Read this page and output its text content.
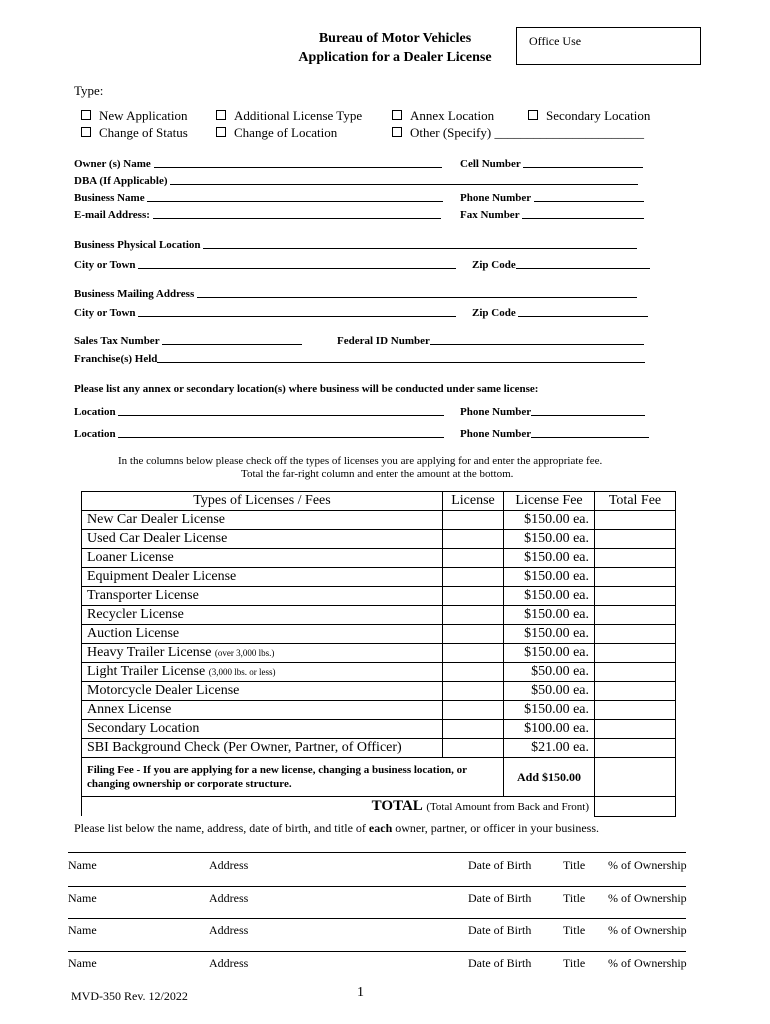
Bureau of Motor Vehicles
Application for a Dealer License
Office Use
Type:
New Application	Additional License Type	Annex Location	Secondary Location
Change of Status	Change of Location	Other (Specify) _______________________
Owner (s) Name	Cell Number
DBA (If Applicable)
Business Name	Phone Number
E-mail Address:	Fax Number
Business Physical Location
City or Town	Zip Code
Business Mailing Address
City or Town	Zip Code
Sales Tax Number	Federal ID Number
Franchise(s) Held
Please list any annex or secondary location(s) where business will be conducted under same license:
Location	Phone Number
Location	Phone Number
In the columns below please check off the types of licenses you are applying for and enter the appropriate fee.
Total the far-right column and enter the amount at the bottom.
Types of Licenses / Fees	License	License Fee	Total Fee
New Car Dealer License		$150.00 ea.	
Used Car Dealer License		$150.00 ea.	
Loaner License		$150.00 ea.	
Equipment Dealer License		$150.00 ea.	
Transporter License		$150.00 ea.	
Recycler License		$150.00 ea.	
Auction License		$150.00 ea.	
Heavy Trailer License (over 3,000 lbs.)		$150.00 ea.	
Light Trailer License (3,000 lbs. or less)		$50.00 ea.	
Motorcycle Dealer License		$50.00 ea.	
Annex License		$150.00 ea.	
Secondary Location		$100.00 ea.	
SBI Background Check (Per Owner, Partner, of Officer)		$21.00 ea.	
Filing Fee - If you are applying for a new license, changing a business location, or changing ownership or corporate structure.		Add $150.00	
TOTAL (Total Amount from Back and Front)			
Please list below the name, address, date of birth, and title of each owner, partner, or officer in your business.
Name	Address	Date of Birth	Title % of Ownership
Name	Address	Date of Birth	Title % of Ownership
Name	Address	Date of Birth	Title % of Ownership
Name	Address	Date of Birth	Title % of Ownership
MVD-350 Rev. 12/2022	1
